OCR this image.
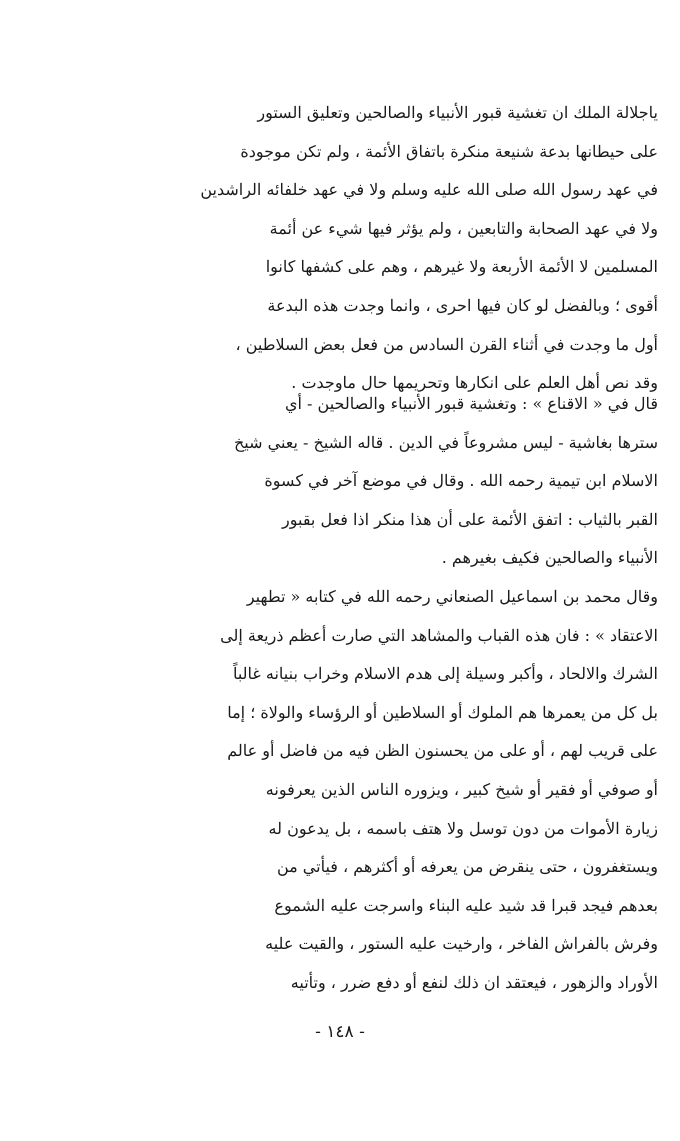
ياجلالة الملك ان تغشية قبور الأنبياء والصالحين وتعليق الستور
على حيطانها بدعة شنيعة منكرة باتفاق الأئمة ، ولم تكن موجودة
في عهد رسول الله صلى الله عليه وسلم ولا في عهد خلفائه الراشدين
ولا في عهد الصحابة والتابعين ، ولم يؤثر فيها شيء عن أئمة
المسلمين لا الأئمة الأربعة ولا غيرهم ، وهم على كشفها كانوا
أقوى ؛ وبالفضل لو كان فيها احرى ، وانما وجدت هذه البدعة
أول ما وجدت في أثناء القرن السادس من فعل بعض السلاطين ،
وقد نص أهل العلم على انكارها وتحريمها حال ماوجدت .
قال في « الاقناع » : وتغشية قبور الأنبياء والصالحين - أي
سترها بغاشية - ليس مشروعاً في الدين . قاله الشيخ - يعني شيخ
الاسلام ابن تيمية رحمه الله . وقال في موضع آخر في كسوة
القبر بالثياب : اتفق الأئمة على أن هذا منكر اذا فعل بقبور
الأنبياء والصالحين فكيف بغيرهم .
وقال محمد بن اسماعيل الصنعاني رحمه الله في كتابه « تطهير
الاعتقاد » : فان هذه القباب والمشاهد التي صارت أعظم ذريعة إلى
الشرك والالحاد ، وأكبر وسيلة إلى هدم الاسلام وخراب بنيانه غالباً
بل كل من يعمرها هم الملوك أو السلاطين أو الرؤساء والولاة ؛ إما
على قريب لهم ، أو على من يحسنون الظن فيه من فاضل أو عالم
أو صوفي أو فقير أو شيخ كبير ، ويزوره الناس الذين يعرفونه
زيارة الأموات من دون توسل ولا هتف باسمه ، بل يدعون له
ويستغفرون ، حتى ينقرض من يعرفه أو أكثرهم ، فيأتي من
بعدهم فيجد قبرا قد شيد عليه البناء واسرجت عليه الشموع
وفرش بالفراش الفاخر ، وارخيت عليه الستور ، والقيت عليه
الأوراد والزهور ، فيعتقد ان ذلك لنفع أو دفع ضرر ، وتأتيه
- ١٤٨ -
